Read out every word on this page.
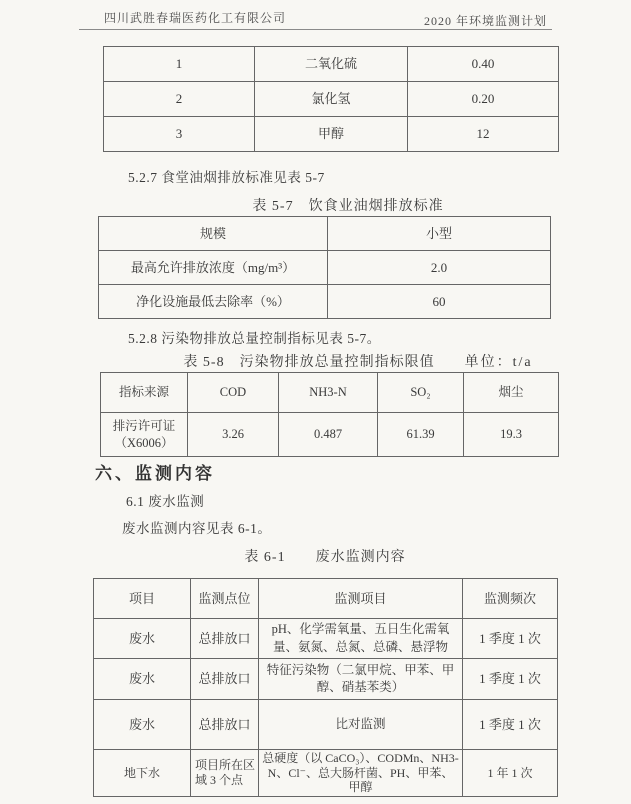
四川武胜春瑞医药化工有限公司	2020 年环境监测计划
1	二氧化硫	0.40
2	氯化氢	0.20
3	甲醇	12
5.2.7 食堂油烟排放标准见表 5-7
表 5-7　饮食业油烟排放标准
规模	小型
最高允许排放浓度（mg/m³）	2.0
净化设施最低去除率（%）	60
5.2.8 污染物排放总量控制指标见表 5-7。
表 5-8　污染物排放总量控制指标限值 单位：t/a
指标来源	COD	NH3-N	SO₂	烟尘
排污许可证 （X6006）	3.26	0.487	61.39	19.3
六、监测内容
6.1 废水监测
废水监测内容见表 6-1。
表 6-1　　废水监测内容
项目	监测点位	监测项目	监测频次
废水	总排放口	pH、化学需氧量、五日生化需氧量、氨氮、总氮、总磷、悬浮物	1 季度 1 次
废水	总排放口	特征污染物（二氯甲烷、甲苯、甲醇、硝基苯类）	1 季度 1 次
废水	总排放口	比对监测	1 季度 1 次
地下水	项目所在区域 3 个点	总硬度（以 CaCO₃）、CODMn、NH3-N、Cl⁻、总大肠杆菌、PH、甲苯、甲醇	1 年 1 次
